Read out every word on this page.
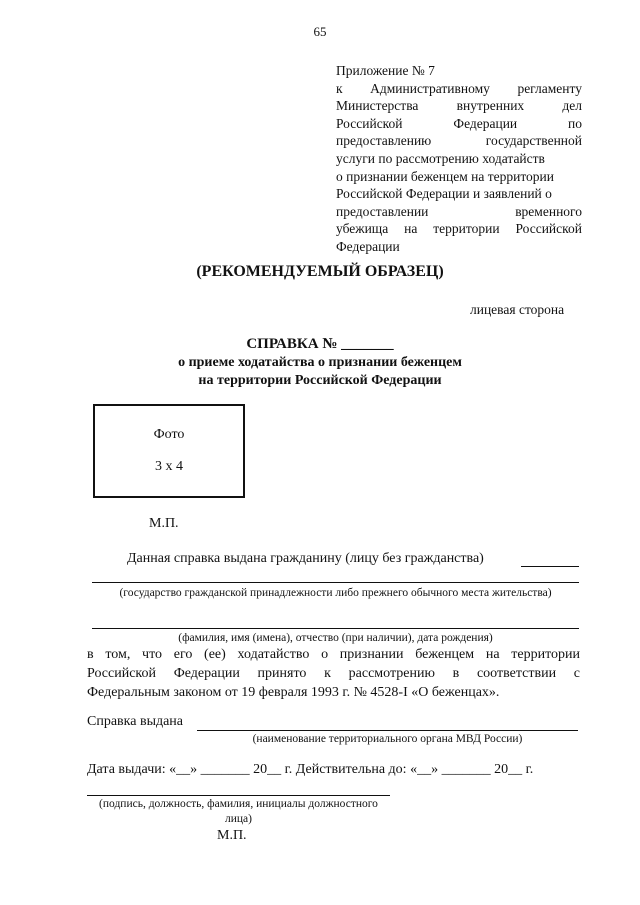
65
Приложение № 7
к Административному регламенту
Министерства внутренних дел
Российской Федерации по
предоставлению государственной
услуги по рассмотрению ходатайств
о признании беженцем на территории
Российской Федерации и заявлений о
предоставлении временного
убежища на территории Российской
Федерации
(РЕКОМЕНДУЕМЫЙ ОБРАЗЕЦ)
лицевая сторона
СПРАВКА № _______
о приеме ходатайства о признании беженцем
на территории Российской Федерации
Фото
3 х 4
М.П.
Данная справка выдана гражданину (лицу без гражданства)
(государство гражданской принадлежности либо прежнего обычного места жительства)
(фамилия, имя (имена), отчество (при наличии), дата рождения)
в том, что его (ее) ходатайство о признании беженцем на территории
Российской Федерации принято к рассмотрению в соответствии с
Федеральным законом от 19 февраля 1993 г. № 4528-I «О беженцах».
Справка выдана
(наименование территориального органа МВД России)
Дата выдачи: «__» _______ 20__ г. Действительна до: «__» _______ 20__ г.
(подпись, должность, фамилия, инициалы должностного лица)
М.П.
